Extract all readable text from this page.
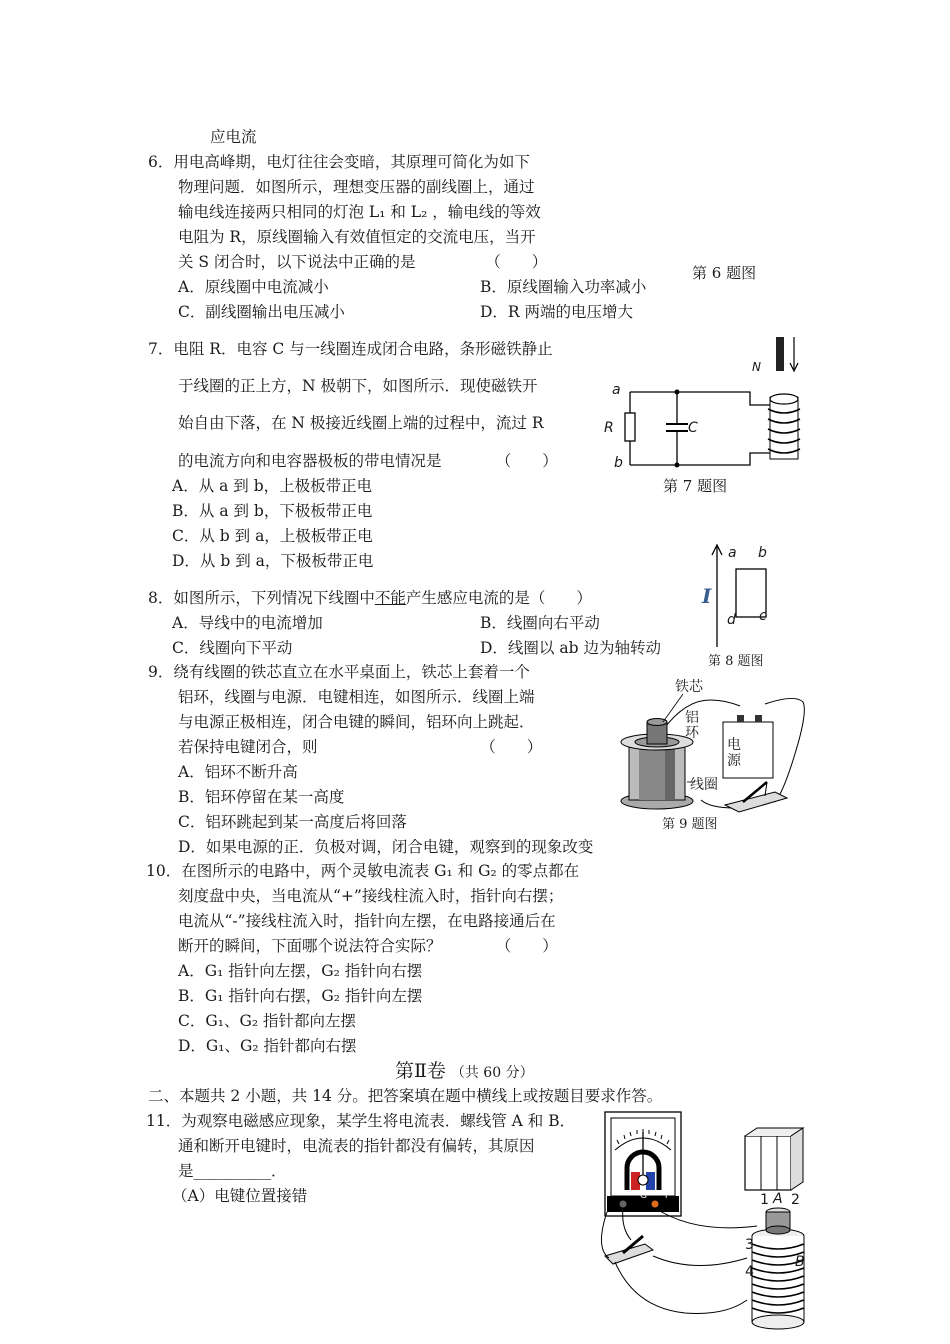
应电流
6．用电高峰期，电灯往往会变暗，其原理可简化为如下
物理问题．如图所示，理想变压器的副线圈上，通过
输电线连接两只相同的灯泡 L₁ 和 L₂ ，输电线的等效
电阻为 R，原线圈输入有效值恒定的交流电压，当开
关 S 闭合时，以下说法中正确的是　　　　　（　　）
A．原线圈中电流减小	B．原线圈输入功率减小
C．副线圈输出电压减小	D．R 两端的电压增大
第 6 题图
7．电阻 R．电容 C 与一线圈连成闭合电路，条形磁铁静止
于线圈的正上方，N 极朝下，如图所示．现使磁铁开
始自由下落，在 N 极接近线圈上端的过程中，流过 R
的电流方向和电容器极板的带电情况是　　　　（　　）
A．从 a 到 b，上极板带正电
B．从 a 到 b，下极板带正电
C．从 b 到 a，上极板带正电
D．从 b 到 a，下极板带正电
N
a
R
b
C
第 7 题图
8．如图所示，下列情况下线圈中不能产生感应电流的是（　　）
A．导线中的电流增加	B．线圈向右平动
C．线圈向下平动	D．线圈以 ab 边为轴转动
I
a b
c
d
第 8 题图
9．绕有线圈的铁芯直立在水平桌面上，铁芯上套着一个
铝环，线圈与电源．电键相连，如图所示．线圈上端
与电源正极相连，闭合电键的瞬间，铝环向上跳起．
若保持电键闭合，则　　　　　　　　　　　（　　）
A．铝环不断升高
B．铝环停留在某一高度
C．铝环跳起到某一高度后将回落
D．如果电源的正．负极对调，闭合电键，观察到的现象改变
铁芯
铝
环
电
源
线圈
第 9 题图
10．在图所示的电路中，两个灵敏电流表 G₁ 和 G₂ 的零点都在
刻度盘中央，当电流从“+”接线柱流入时，指针向右摆；
电流从“-”接线柱流入时，指针向左摆，在电路接通后在
断开的瞬间，下面哪个说法符合实际？　　　　（　　）
A．G₁ 指针向左摆，G₂ 指针向右摆
B．G₁ 指针向右摆，G₂ 指针向左摆
C．G₁、G₂ 指针都向左摆
D．G₁、G₂ 指针都向右摆
第Ⅱ卷 （共 60 分）
二、本题共 2 小题，共 14 分。把答案填在题中横线上或按题目要求作答。
11．为观察电磁感应现象，某学生将电流表．螺线管 A 和 B．
通和断开电键时，电流表的指针都没有偏转，其原因
是__________．
（A）电键位置接错	- G +	1 A 2
3
4
B
